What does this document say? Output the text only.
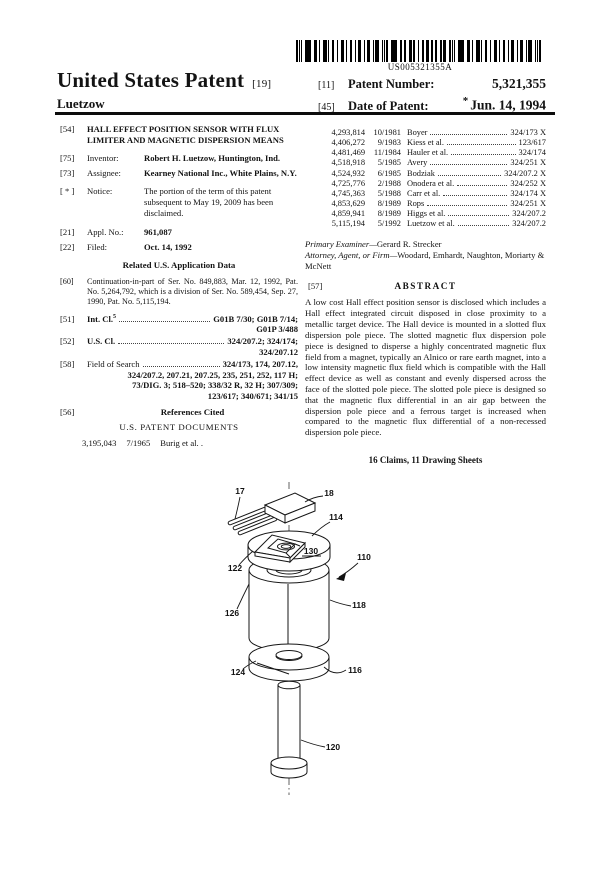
US005321355A
United States Patent [19]
Luetzow
[11]	Patent Number:	5,321,355
[45]	Date of Patent:	* Jun. 14, 1994
[54]	HALL EFFECT POSITION SENSOR WITH FLUX LIMITER AND MAGNETIC DISPERSION MEANS
[75]	Inventor:	Robert H. Luetzow, Huntington, Ind.
[73]	Assignee:	Kearney National Inc., White Plains, N.Y.
[ * ]	Notice:	The portion of the term of this patent subsequent to May 19, 2009 has been disclaimed.
[21]	Appl. No.:	961,087
[22]	Filed:	Oct. 14, 1992
Related U.S. Application Data
[60]	Continuation-in-part of Ser. No. 849,883, Mar. 12, 1992, Pat. No. 5,264,792, which is a division of Ser. No. 589,454, Sep. 27, 1990, Pat. No. 5,115,194.
[51]	Int. Cl.$^5$	G01B 7/30; G01B 7/14;
G01P 3/488
[52]	U.S. Cl.	324/207.2; 324/174;
324/207.12
[58]	Field of Search	324/173, 174, 207.12,
324/207.2, 207.21, 207.25, 235, 251, 252, 117 H;
73/DIG. 3; 518–520; 338/32 R, 32 H; 307/309;
123/617; 340/671; 341/15
[56]	References Cited
U.S. PATENT DOCUMENTS
3,195,043 7/1965 Burig et al. .
4,293,814	10/1981 Boyer	324/173 X
4,406,272	9/1983 Kiess et al.	123/617
4,481,469	11/1984 Hauler et al.	324/174
4,518,918	5/1985 Avery	324/251 X
4,524,932	6/1985 Bodziak	324/207.2 X
4,725,776	2/1988 Onodera et al.	324/252 X
4,745,363	5/1988 Carr et al.	324/174 X
4,853,629	8/1989 Rops	324/251 X
4,859,941	8/1989 Higgs et al.	324/207.2
5,115,194	5/1992 Luetzow et al.	324/207.2
Primary Examiner—Gerard R. Strecker
Attorney, Agent, or Firm—Woodard, Emhardt, Naughton, Moriarty & McNett
[57]	ABSTRACT
A low cost Hall effect position sensor is disclosed which includes a Hall effect integrated circuit disposed in close proximity to a metallic target device. The Hall device is mounted in a slotted flux dispersion pole piece. The slotted magnetic flux dispersion pole piece is designed to disperse a highly concentrated magnetic flux field from a magnet, typically an Alnico or rare earth magnet, into a low intensity magnetic flux field which is compatible with the Hall effect device as well as constant and evenly dispersed across the face of the slotted pole piece. The slotted pole piece is designed so that the magnetic flux differential in an air gap between the dispersion pole piece and a ferrous target is increased when compared to the magnetic flux differential of a non-recessed dispersion pole piece.
16 Claims, 11 Drawing Sheets
17	18
114
130
122
110
118
126
124	116
120
